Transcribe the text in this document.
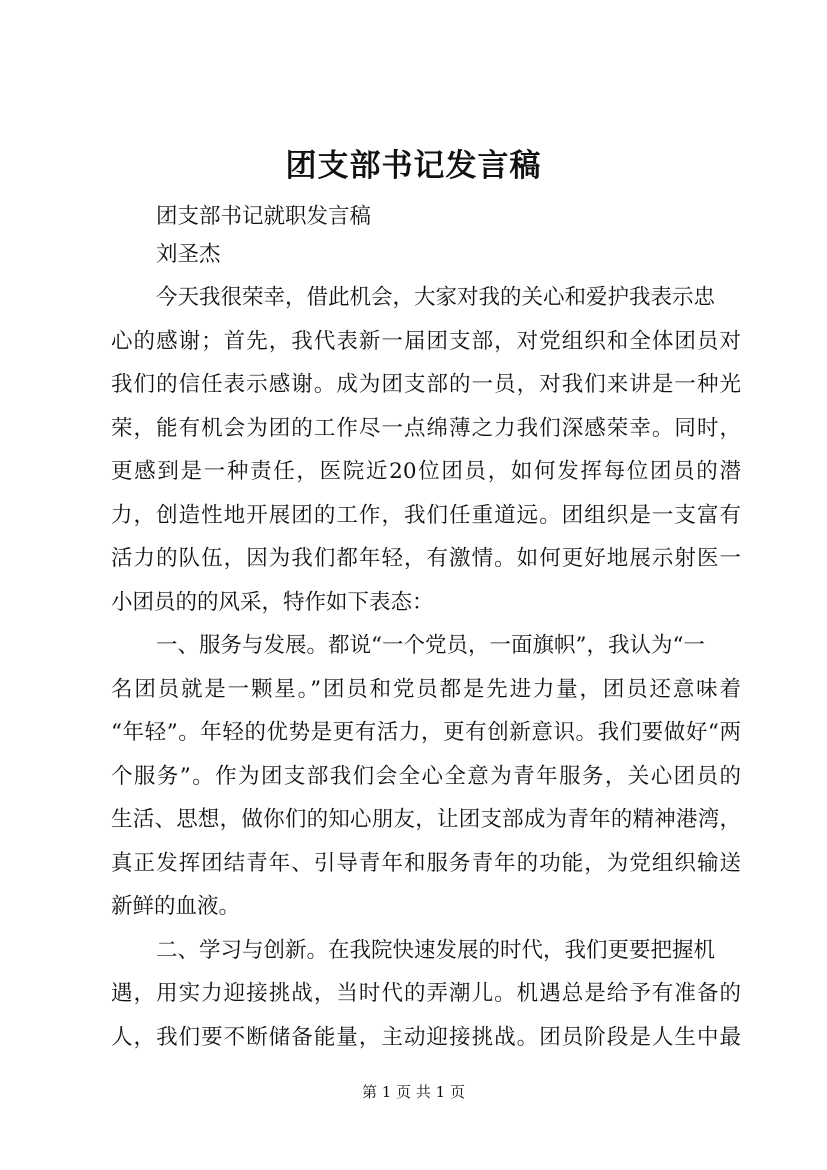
团支部书记发言稿
团支部书记就职发言稿
刘圣杰
今天我很荣幸，借此机会，大家对我的关心和爱护我表示忠
心的感谢；首先，我代表新一届团支部，对党组织和全体团员对
我们的信任表示感谢。成为团支部的一员，对我们来讲是一种光
荣，能有机会为团的工作尽一点绵薄之力我们深感荣幸。同时，
更感到是一种责任，医院近20位团员，如何发挥每位团员的潜
力，创造性地开展团的工作，我们任重道远。团组织是一支富有
活力的队伍，因为我们都年轻，有激情。如何更好地展示射医一
小团员的的风采，特作如下表态：
一、服务与发展。都说“一个党员，一面旗帜”，我认为“一
名团员就是一颗星。”团员和党员都是先进力量，团员还意味着
“年轻”。年轻的优势是更有活力，更有创新意识。我们要做好“两
个服务”。作为团支部我们会全心全意为青年服务，关心团员的
生活、思想，做你们的知心朋友，让团支部成为青年的精神港湾，
真正发挥团结青年、引导青年和服务青年的功能，为党组织输送
新鲜的血液。
二、学习与创新。在我院快速发展的时代，我们更要把握机
遇，用实力迎接挑战，当时代的弄潮儿。机遇总是给予有准备的
人，我们要不断储备能量，主动迎接挑战。团员阶段是人生中最
第 1 页 共 1 页
